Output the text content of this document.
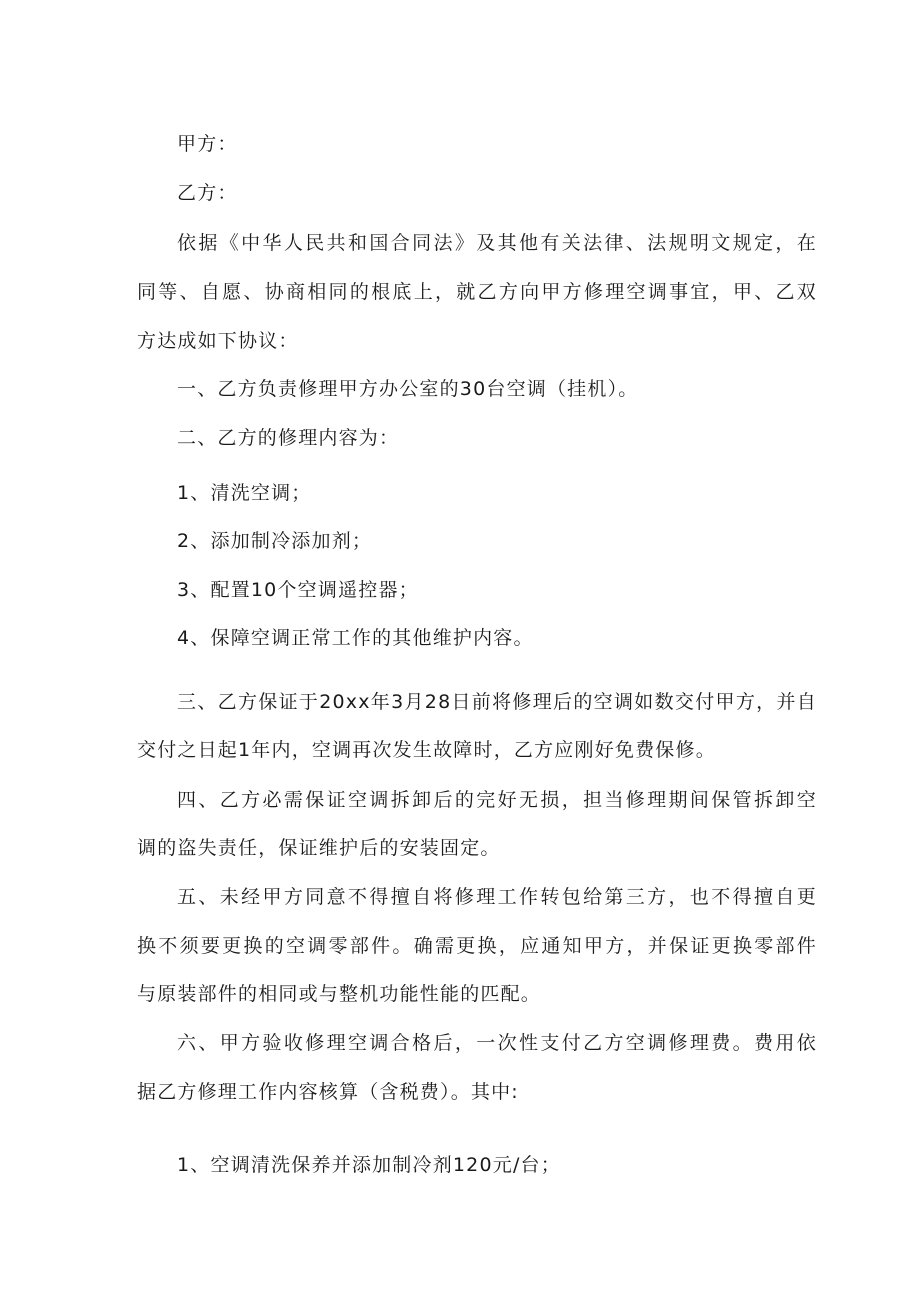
甲方：
乙方：
依据《中华人民共和国合同法》及其他有关法律、法规明文规定，在
同等、自愿、协商相同的根底上，就乙方向甲方修理空调事宜，甲、乙双
方达成如下协议：
一、乙方负责修理甲方办公室的30台空调（挂机）。
二、乙方的修理内容为：
1、清洗空调；
2、添加制冷添加剂；
3、配置10个空调遥控器；
4、保障空调正常工作的其他维护内容。
三、乙方保证于20xx年3月28日前将修理后的空调如数交付甲方，并自
交付之日起1年内，空调再次发生故障时，乙方应刚好免费保修。
四、乙方必需保证空调拆卸后的完好无损，担当修理期间保管拆卸空
调的盗失责任，保证维护后的安装固定。
五、未经甲方同意不得擅自将修理工作转包给第三方，也不得擅自更
换不须要更换的空调零部件。确需更换，应通知甲方，并保证更换零部件
与原装部件的相同或与整机功能性能的匹配。
六、甲方验收修理空调合格后，一次性支付乙方空调修理费。费用依
据乙方修理工作内容核算（含税费）。其中:
1、空调清洗保养并添加制冷剂120元/台；
